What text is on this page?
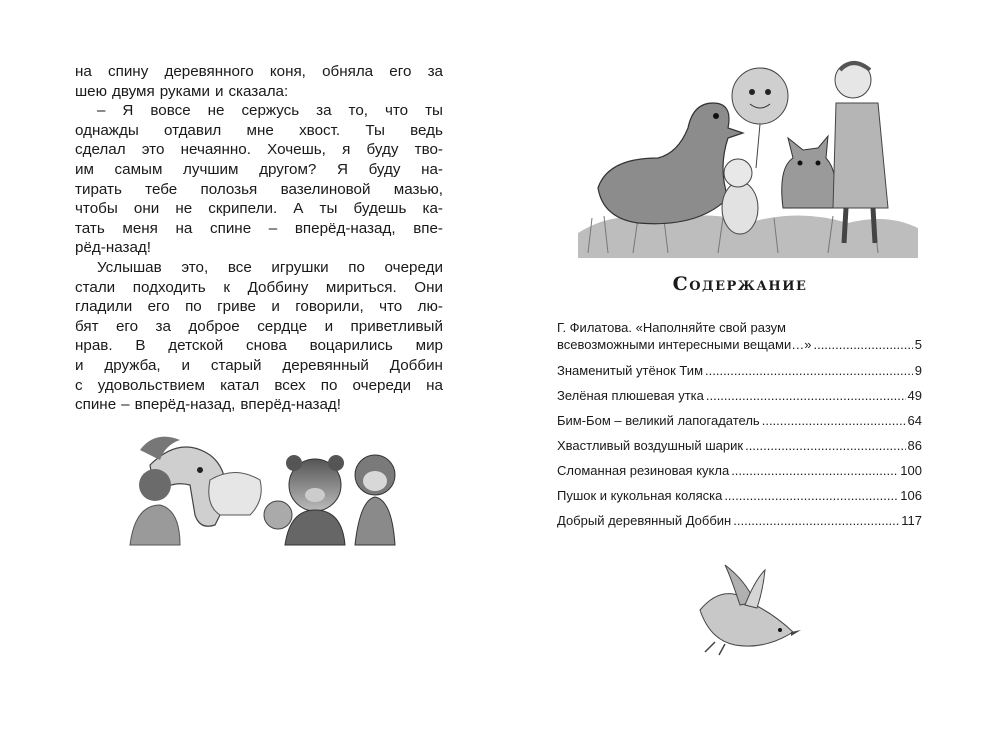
на спину деревянного коня, обняла его за
шею двумя руками и сказала:
– Я вовсе не сержусь за то, что ты
однажды отдавил мне хвост. Ты ведь
сделал это нечаянно. Хочешь, я буду тво-
им самым лучшим другом? Я буду на-
тирать тебе полозья вазелиновой мазью,
чтобы они не скрипели. А ты будешь ка-
тать меня на спине – вперёд-назад, впе-
рёд-назад!
Услышав это, все игрушки по очереди
стали подходить к Доббину мириться. Они
гладили его по гриве и говорили, что лю-
бят его за доброе сердце и приветливый
нрав. В детской снова воцарились мир
и дружба, и старый деревянный Доббин
с удовольствием катал всех по очереди на
спине – вперёд-назад, вперёд-назад!
Содержание
Г. Филатова. «Наполняйте свой разум
всевозможными интересными вещами…» .....	5
Знаменитый утёнок Тим .....	9
Зелёная плюшевая утка .....	49
Бим-Бом – великий лапогадатель .....	64
Хвастливый воздушный шарик .....	86
Сломанная резиновая кукла .....	100
Пушок и кукольная коляска .....	106
Добрый деревянный Доббин .....	117
